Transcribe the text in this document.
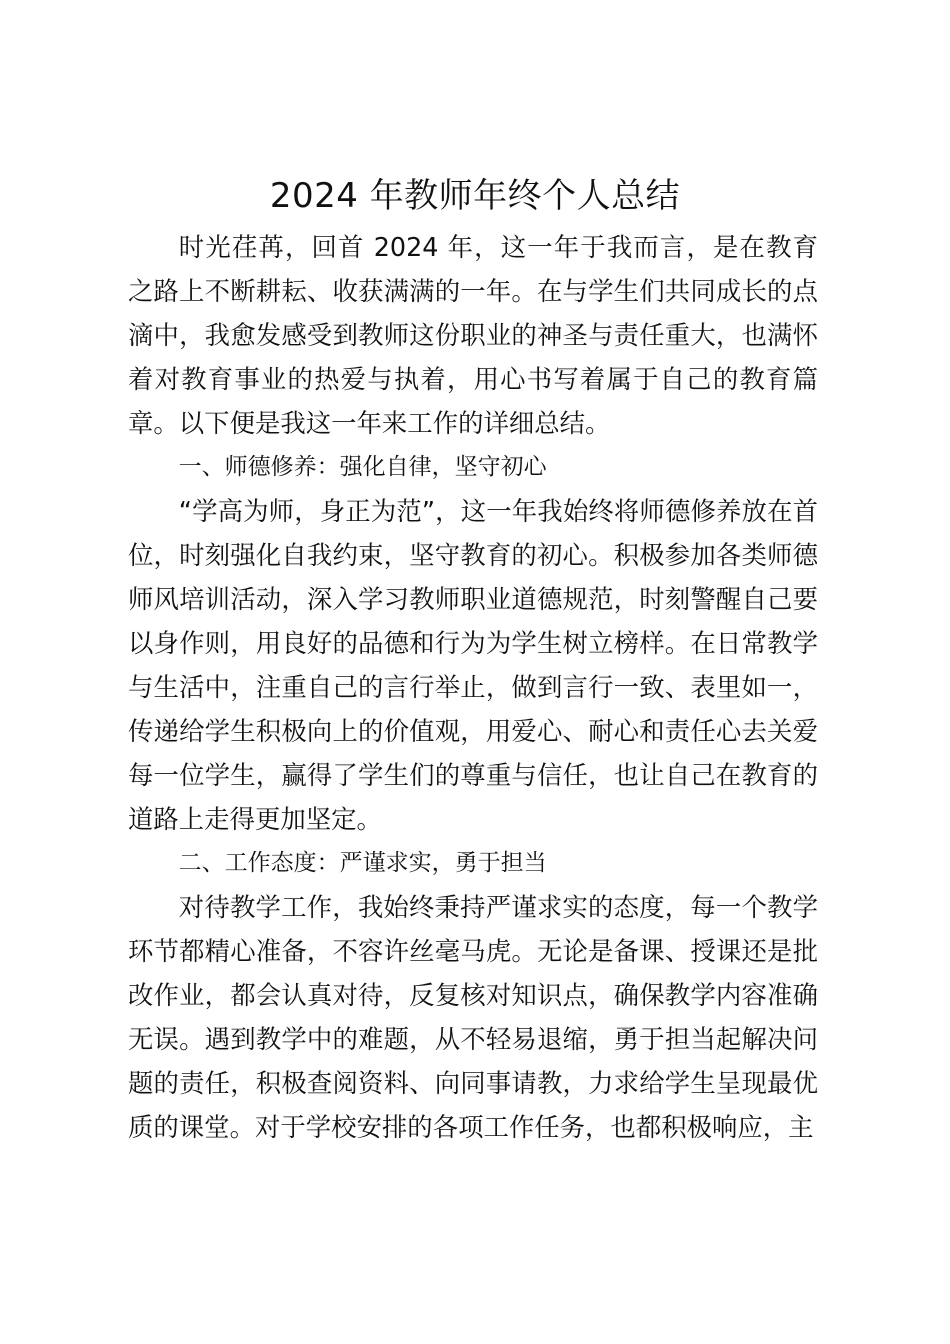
2024 年教师年终个人总结

时光荏苒，回首 2024 年，这一年于我而言，是在教育之路上不断耕耘、收获满满的一年。在与学生们共同成长的点滴中，我愈发感受到教师这份职业的神圣与责任重大，也满怀着对教育事业的热爱与执着，用心书写着属于自己的教育篇章。以下便是我这一年来工作的详细总结。

一、师德修养：强化自律，坚守初心

“学高为师，身正为范”，这一年我始终将师德修养放在首位，时刻强化自我约束，坚守教育的初心。积极参加各类师德师风培训活动，深入学习教师职业道德规范，时刻警醒自己要以身作则，用良好的品德和行为为学生树立榜样。在日常教学与生活中，注重自己的言行举止，做到言行一致、表里如一，传递给学生积极向上的价值观，用爱心、耐心和责任心去关爱每一位学生，赢得了学生们的尊重与信任，也让自己在教育的道路上走得更加坚定。

二、工作态度：严谨求实，勇于担当

对待教学工作，我始终秉持严谨求实的态度，每一个教学环节都精心准备，不容许丝毫马虎。无论是备课、授课还是批改作业，都会认真对待，反复核对知识点，确保教学内容准确无误。遇到教学中的难题，从不轻易退缩，勇于担当起解决问题的责任，积极查阅资料、向同事请教，力求给学生呈现最优质的课堂。对于学校安排的各项工作任务，也都积极响应，主
